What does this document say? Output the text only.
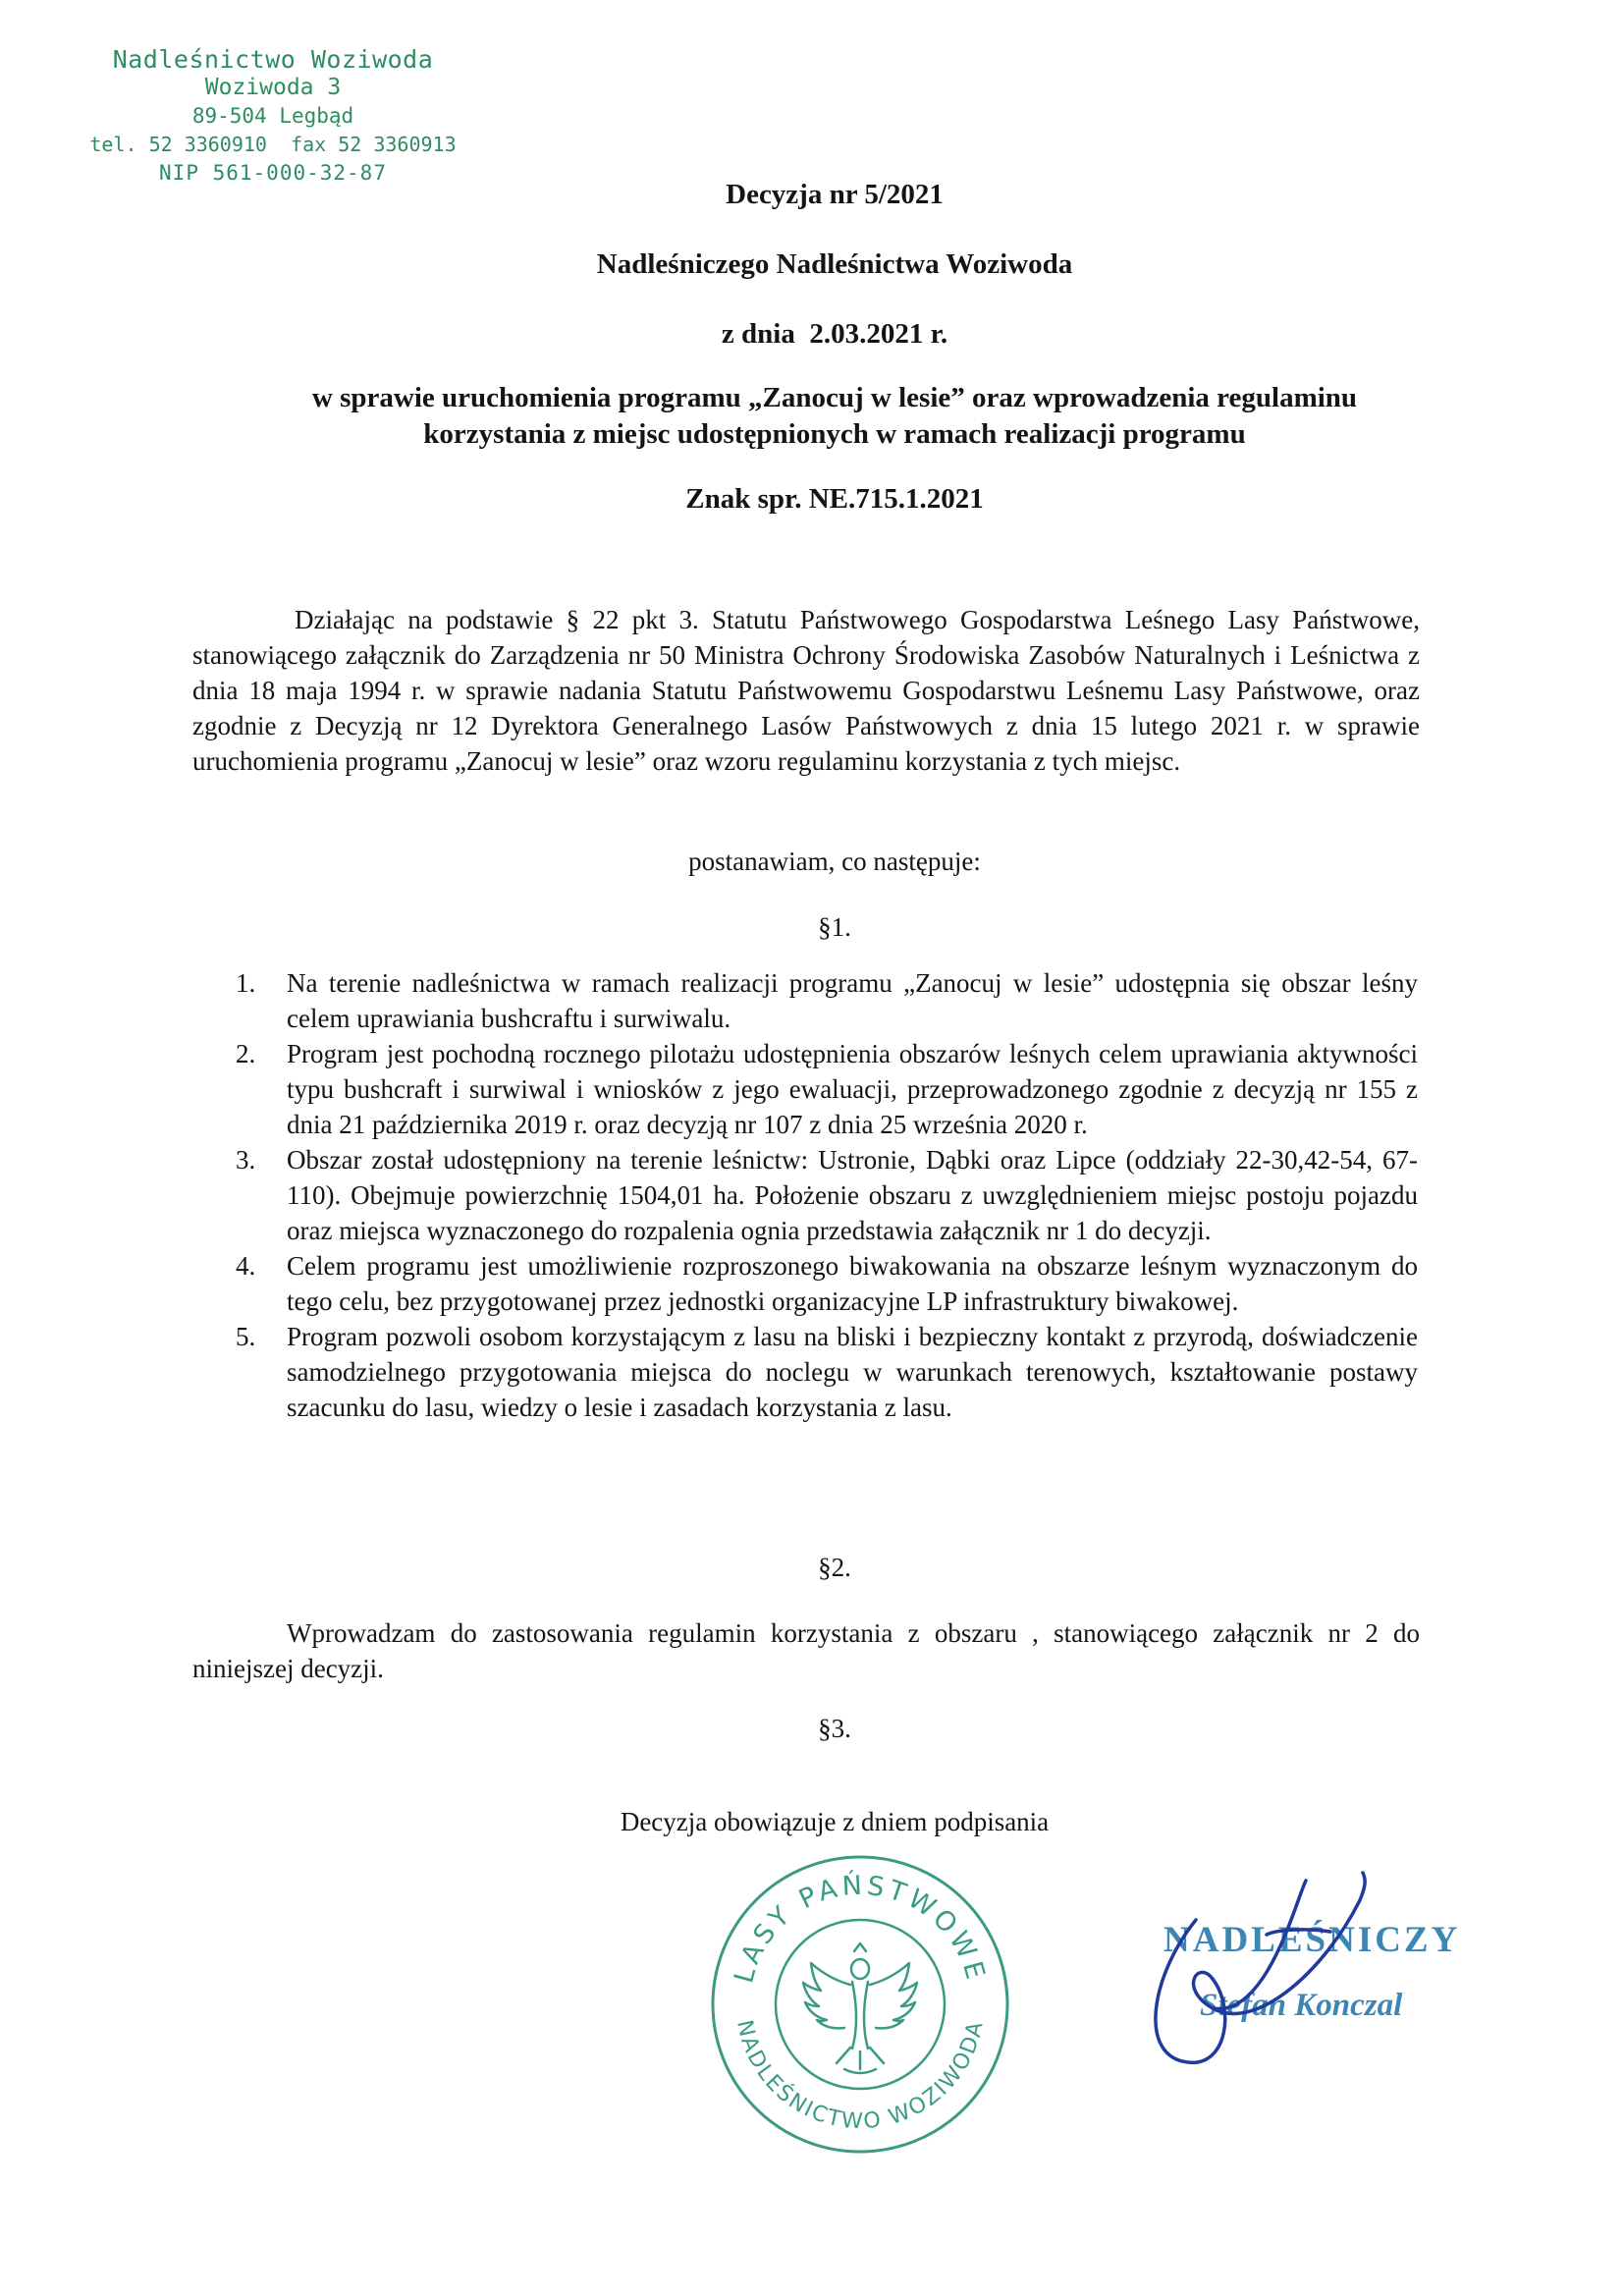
Nadleśnictwo Woziwoda
Woziwoda 3
89-504 Legbąd
tel. 52 3360910  fax 52 3360913
NIP 561-000-32-87
Decyzja nr 5/2021
Nadleśniczego Nadleśnictwa Woziwoda
z dnia  2.03.2021 r.
w sprawie uruchomienia programu „Zanocuj w lesie” oraz wprowadzenia regulaminu
korzystania z miejsc udostępnionych w ramach realizacji programu
Znak spr. NE.715.1.2021

Działając na podstawie § 22 pkt 3. Statutu Państwowego Gospodarstwa Leśnego Lasy Państwowe, stanowiącego załącznik do Zarządzenia nr 50 Ministra Ochrony Środowiska Zasobów Naturalnych i Leśnictwa z dnia 18 maja 1994 r. w sprawie nadania Statutu Państwowemu Gospodarstwu Leśnemu Lasy Państwowe, oraz zgodnie z Decyzją nr 12 Dyrektora Generalnego Lasów Państwowych z dnia 15 lutego 2021 r. w sprawie uruchomienia programu „Zanocuj w lesie” oraz wzoru regulaminu korzystania z tych miejsc.

postanawiam, co następuje:
§1.
1. Na terenie nadleśnictwa w ramach realizacji programu „Zanocuj w lesie” udostępnia się obszar leśny celem uprawiania bushcraftu i surwiwalu.
2. Program jest pochodną rocznego pilotażu udostępnienia obszarów leśnych celem uprawiania aktywności typu bushcraft i surwiwal i wniosków z jego ewaluacji, przeprowadzonego zgodnie z decyzją nr 155 z dnia 21 października 2019 r. oraz decyzją nr 107 z dnia 25 września 2020 r.
3. Obszar został udostępniony na terenie leśnictw: Ustronie, Dąbki oraz Lipce (oddziały 22-30,42-54, 67-110). Obejmuje powierzchnię 1504,01 ha. Położenie obszaru z uwzględnieniem miejsc postoju pojazdu oraz miejsca wyznaczonego do rozpalenia ognia przedstawia załącznik nr 1 do decyzji.
4. Celem programu jest umożliwienie rozproszonego biwakowania na obszarze leśnym wyznaczonym do tego celu, bez przygotowanej przez jednostki organizacyjne LP infrastruktury biwakowej.
5. Program pozwoli osobom korzystającym z lasu na bliski i bezpieczny kontakt z przyrodą, doświadczenie samodzielnego przygotowania miejsca do noclegu w warunkach terenowych, kształtowanie postawy szacunku do lasu, wiedzy o lesie i zasadach korzystania z lasu.
§2.

Wprowadzam do zastosowania regulamin korzystania z obszaru , stanowiącego załącznik nr 2 do niniejszej decyzji.

§3.
Decyzja obowiązuje z dniem podpisania
LASY PAŃSTWOWE
NADLEŚNICTWO WOZIWODA
NADLEŚNICZY
Stefan Konczal
